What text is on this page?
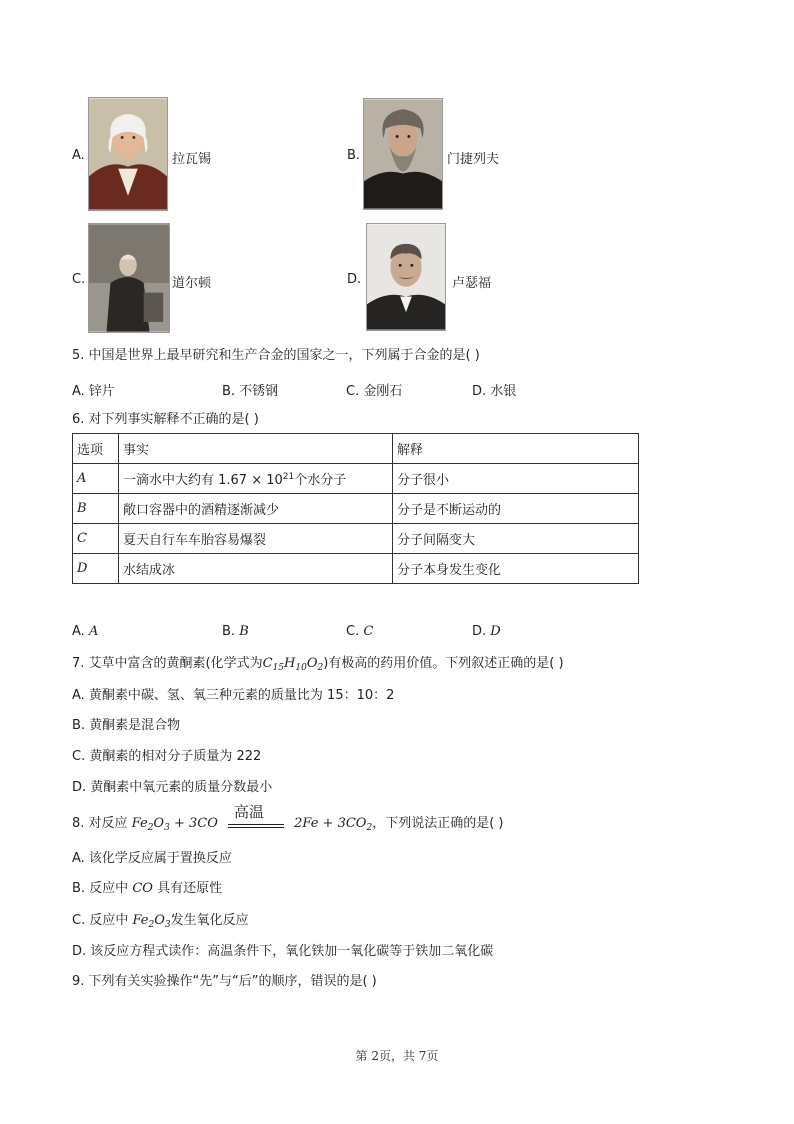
A.	拉瓦锡	B.	门捷列夫
C.	道尔顿	D.	卢瑟福
5. 中国是世界上最早研究和生产合金的国家之一，下列属于合金的是( )
A. 锌片	B. 不锈钢	C. 金刚石	D. 水银
6. 对下列事实解释不正确的是( )
选项	事实	解释
A	一滴水中大约有 $1.67 \times 10^{21}$个水分子	分子很小
B	敞口容器中的酒精逐渐减少	分子是不断运动的
C	夏天自行车车胎容易爆裂	分子间隔变大
D	水结成冰	分子本身发生变化
A. A	B. B	C. C	D. D
7. 艾草中富含的黄酮素(化学式为$C_{15}H_{10}O_2$)有极高的药用价值。下列叙述正确的是( )
A. 黄酮素中碳、氢、氧三种元素的质量比为 15：10：2
B. 黄酮素是混合物
C. 黄酮素的相对分子质量为 222
D. 黄酮素中氧元素的质量分数最小
8. 对反应 $Fe_2O_3 + 3CO$
高温
$2Fe + 3CO_2$，下列说法正确的是( )
A. 该化学反应属于置换反应
B. 反应中 CO 具有还原性
C. 反应中 $Fe_2O_3$发生氧化反应
D. 该反应方程式读作：高温条件下，氧化铁加一氧化碳等于铁加二氧化碳
9. 下列有关实验操作“先”与“后”的顺序，错误的是( )
第 2页，共 7页
